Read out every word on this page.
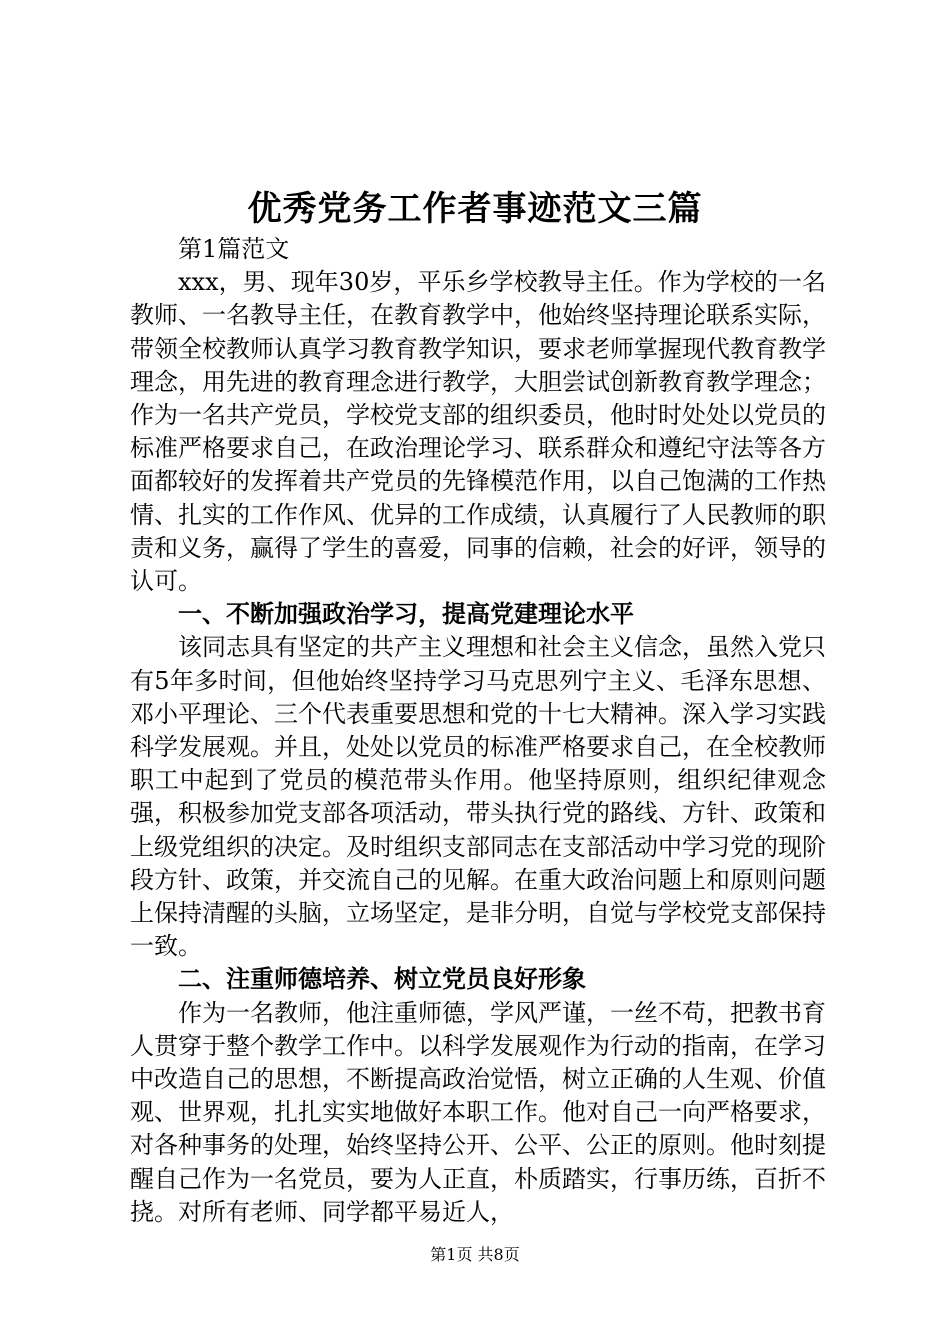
优秀党务工作者事迹范文三篇

第1篇范文

xxx，男、现年30岁，平乐乡学校教导主任。作为学校的一名教师、一名教导主任，在教育教学中，他始终坚持理论联系实际，带领全校教师认真学习教育教学知识，要求老师掌握现代教育教学理念，用先进的教育理念进行教学，大胆尝试创新教育教学理念；作为一名共产党员，学校党支部的组织委员，他时时处处以党员的标准严格要求自己，在政治理论学习、联系群众和遵纪守法等各方面都较好的发挥着共产党员的先锋模范作用，以自己饱满的工作热情、扎实的工作作风、优异的工作成绩，认真履行了人民教师的职责和义务，赢得了学生的喜爱，同事的信赖，社会的好评，领导的认可。

一、不断加强政治学习，提高党建理论水平

该同志具有坚定的共产主义理想和社会主义信念，虽然入党只有5年多时间，但他始终坚持学习马克思列宁主义、毛泽东思想、邓小平理论、三个代表重要思想和党的十七大精神。深入学习实践科学发展观。并且，处处以党员的标准严格要求自己，在全校教师职工中起到了党员的模范带头作用。他坚持原则，组织纪律观念强，积极参加党支部各项活动，带头执行党的路线、方针、政策和上级党组织的决定。及时组织支部同志在支部活动中学习党的现阶段方针、政策，并交流自己的见解。在重大政治问题上和原则问题上保持清醒的头脑，立场坚定，是非分明，自觉与学校党支部保持一致。

二、注重师德培养、树立党员良好形象

作为一名教师，他注重师德，学风严谨，一丝不苟，把教书育人贯穿于整个教学工作中。以科学发展观作为行动的指南，在学习中改造自己的思想，不断提高政治觉悟，树立正确的人生观、价值观、世界观，扎扎实实地做好本职工作。他对自己一向严格要求，对各种事务的处理，始终坚持公开、公平、公正的原则。他时刻提醒自己作为一名党员，要为人正直，朴质踏实，行事历练，百折不挠。对所有老师、同学都平易近人，

第1页 共8页
